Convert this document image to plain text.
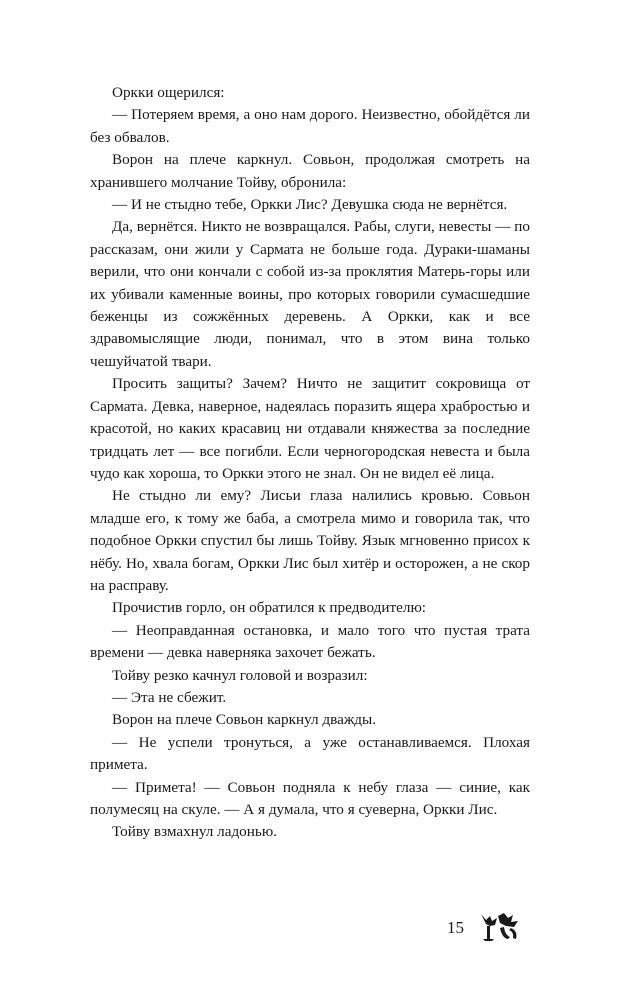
Оркки ощерился:

— Потеряем время, а оно нам дорого. Неизвестно, обойдётся ли без обвалов.

Ворон на плече каркнул. Совьон, продолжая смотреть на хранившего молчание Тойву, обронила:

— И не стыдно тебе, Оркки Лис? Девушка сюда не вернётся.

Да, вернётся. Никто не возвращался. Рабы, слуги, невесты — по рассказам, они жили у Сармата не больше года. Дураки-шаманы верили, что они кончали с собой из-за проклятия Матерь-горы или их убивали каменные воины, про которых говорили сумасшедшие беженцы из сожжённых деревень. А Оркки, как и все здравомыслящие люди, понимал, что в этом вина только чешуйчатой твари.

Просить защиты? Зачем? Ничто не защитит сокровища от Сармата. Девка, наверное, надеялась поразить ящера храбростью и красотой, но каких красавиц ни отдавали княжества за последние тридцать лет — все погибли. Если черногородская невеста и была чудо как хороша, то Оркки этого не знал. Он не видел её лица.

Не стыдно ли ему? Лисьи глаза налились кровью. Совьон младше его, к тому же баба, а смотрела мимо и говорила так, что подобное Оркки спустил бы лишь Тойву. Язык мгновенно присох к нёбу. Но, хвала богам, Оркки Лис был хитёр и осторожен, а не скор на расправу.

Прочистив горло, он обратился к предводителю:

— Неоправданная остановка, и мало того что пустая трата времени — девка наверняка захочет бежать.

Тойву резко качнул головой и возразил:

— Эта не сбежит.

Ворон на плече Совьон каркнул дважды.

— Не успели тронуться, а уже останавливаемся. Плохая примета.

— Примета! — Совьон подняла к небу глаза — синие, как полумесяц на скуле. — А я думала, что я суеверна, Оркки Лис.

Тойву взмахнул ладонью.

15
